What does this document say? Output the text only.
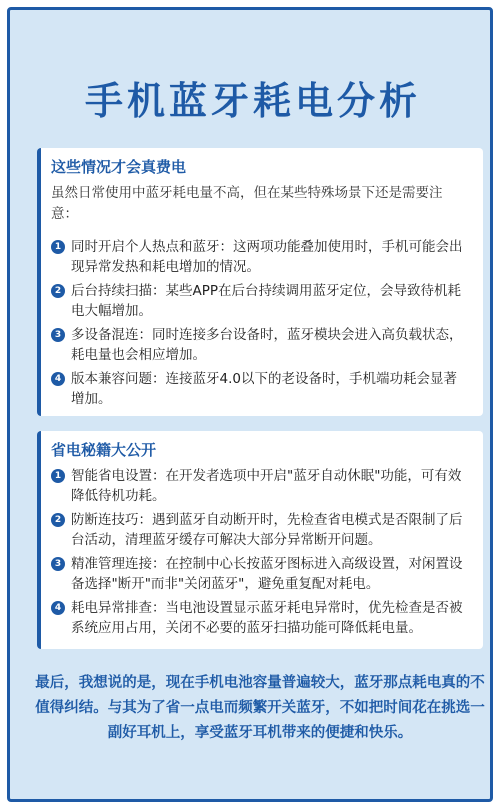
手机蓝牙耗电分析
这些情况才会真费电

虽然日常使用中蓝牙耗电量不高，但在某些特殊场景下还是需要注意：

1 同时开启个人热点和蓝牙：这两项功能叠加使用时，手机可能会出现异常发热和耗电增加的情况。
2 后台持续扫描：某些APP在后台持续调用蓝牙定位，会导致待机耗电大幅增加。
3 多设备混连：同时连接多台设备时，蓝牙模块会进入高负载状态，耗电量也会相应增加。
4 版本兼容问题：连接蓝牙4.0以下的老设备时，手机端功耗会显著增加。
省电秘籍大公开
1 智能省电设置：在开发者选项中开启"蓝牙自动休眠"功能，可有效降低待机功耗。
2 防断连技巧：遇到蓝牙自动断开时，先检查省电模式是否限制了后台活动，清理蓝牙缓存可解决大部分异常断开问题。
3 精准管理连接：在控制中心长按蓝牙图标进入高级设置，对闲置设备选择"断开"而非"关闭蓝牙"，避免重复配对耗电。
4 耗电异常排查：当电池设置显示蓝牙耗电异常时，优先检查是否被系统应用占用，关闭不必要的蓝牙扫描功能可降低耗电量。
最后，我想说的是，现在手机电池容量普遍较大，蓝牙那点耗电真的不值得纠结。与其为了省一点电而频繁开关蓝牙，不如把时间花在挑选一副好耳机上，享受蓝牙耳机带来的便捷和快乐。
